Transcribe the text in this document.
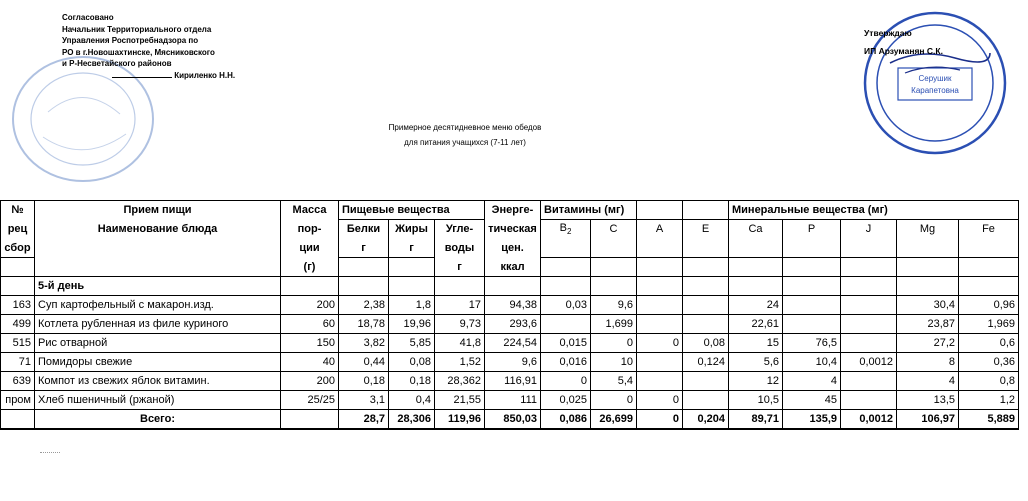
Согласовано
Начальник Территориального отдела
Управления Роспотребнадзора по
РО в г.Новошахтинске, Мясниковского
и Р-Несветайского районов
Кириленко Н.Н.	Серушик
Карапетовна
Утверждаю
ИП Арзуманян С.К.
Примерное десятидневное меню обедов
для питания учащихся (7-11 лет)
№	Прием пищи	Масса	Пищевые вещества			Энерге-	Витамины (мг)				Минеральные вещества (мг)				
рец	Наименование блюда	пор-	Белки	Жиры	Угле-	тическая	$B_2$	C	A	E	Ca	P	J	Mg	Fe
сбор		ции	г	г	воды	цен.									
		(г)			г	ккал									
	5-й день														
163	Суп картофельный с макарон.изд.	200	2,38	1,8	17	94,38	0,03	9,6			24			30,4	0,96
499	Котлета рубленная из филе куриного	60	18,78	19,96	9,73	293,6		1,699			22,61			23,87	1,969
515	Рис отварной	150	3,82	5,85	41,8	224,54	0,015	0	0	0,08	15	76,5		27,2	0,6
71	Помидоры свежие	40	0,44	0,08	1,52	9,6	0,016	10		0,124	5,6	10,4	0,0012	8	0,36
639	Компот из свежих яблок витамин.	200	0,18	0,18	28,362	116,91	0	5,4			12	4		4	0,8
пром	Хлеб пшеничный (ржаной)	25/25	3,1	0,4	21,55	111	0,025	0	0		10,5	45		13,5	1,2
	Всего:		28,7	28,306	119,96	850,03	0,086	26,699	0	0,204	89,71	135,9	0,0012	106,97	5,889
